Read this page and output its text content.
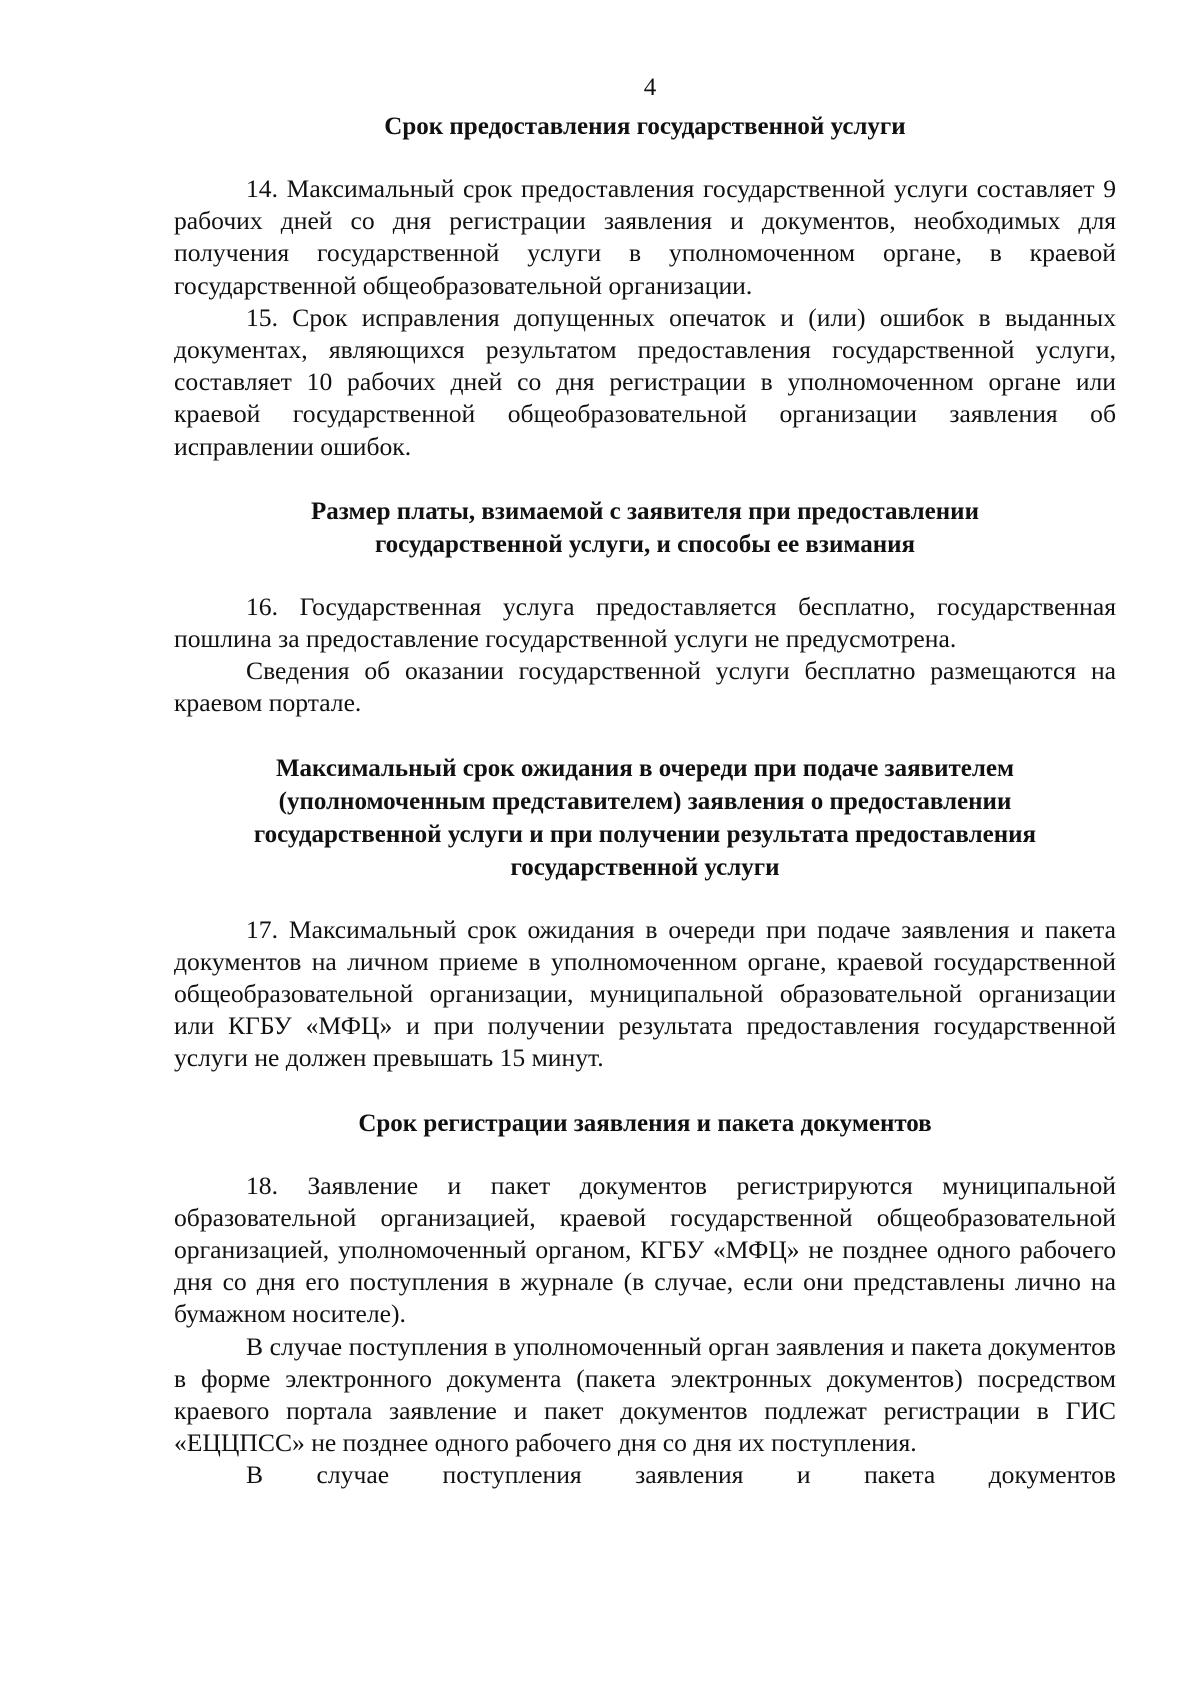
4
Срок предоставления государственной услуги

14. Максимальный срок предоставления государственной услуги составляет 9 рабочих дней со дня регистрации заявления и документов, необходимых для получения государственной услуги в уполномоченном органе, в краевой государственной общеобразовательной организации.

15. Срок исправления допущенных опечаток и (или) ошибок в выданных документах, являющихся результатом предоставления государственной услуги, составляет 10 рабочих дней со дня регистрации в уполномоченном органе или краевой государственной общеобразовательной организации заявления об исправлении ошибок.

Размер платы, взимаемой с заявителя при предоставлении
государственной услуги, и способы ее взимания

16. Государственная услуга предоставляется бесплатно, государственная пошлина за предоставление государственной услуги не предусмотрена.

Сведения об оказании государственной услуги бесплатно размещаются на краевом портале.

Максимальный срок ожидания в очереди при подаче заявителем
(уполномоченным представителем) заявления о предоставлении
государственной услуги и при получении результата предоставления
государственной услуги

17. Максимальный срок ожидания в очереди при подаче заявления и пакета документов на личном приеме в уполномоченном органе, краевой государственной общеобразовательной организации, муниципальной образовательной организации или КГБУ «МФЦ» и при получении результата предоставления государственной услуги не должен превышать 15 минут.

Срок регистрации заявления и пакета документов

18. Заявление и пакет документов регистрируются муниципальной образовательной организацией, краевой государственной общеобразовательной организацией, уполномоченный органом, КГБУ «МФЦ» не позднее одного рабочего дня со дня его поступления в журнале (в случае, если они представлены лично на бумажном носителе).

В случае поступления в уполномоченный орган заявления и пакета документов в форме электронного документа (пакета электронных документов) посредством краевого портала заявление и пакет документов подлежат регистрации в ГИС «ЕЦЦПСС» не позднее одного рабочего дня со дня их поступления.

В случае поступления заявления и пакета документов
